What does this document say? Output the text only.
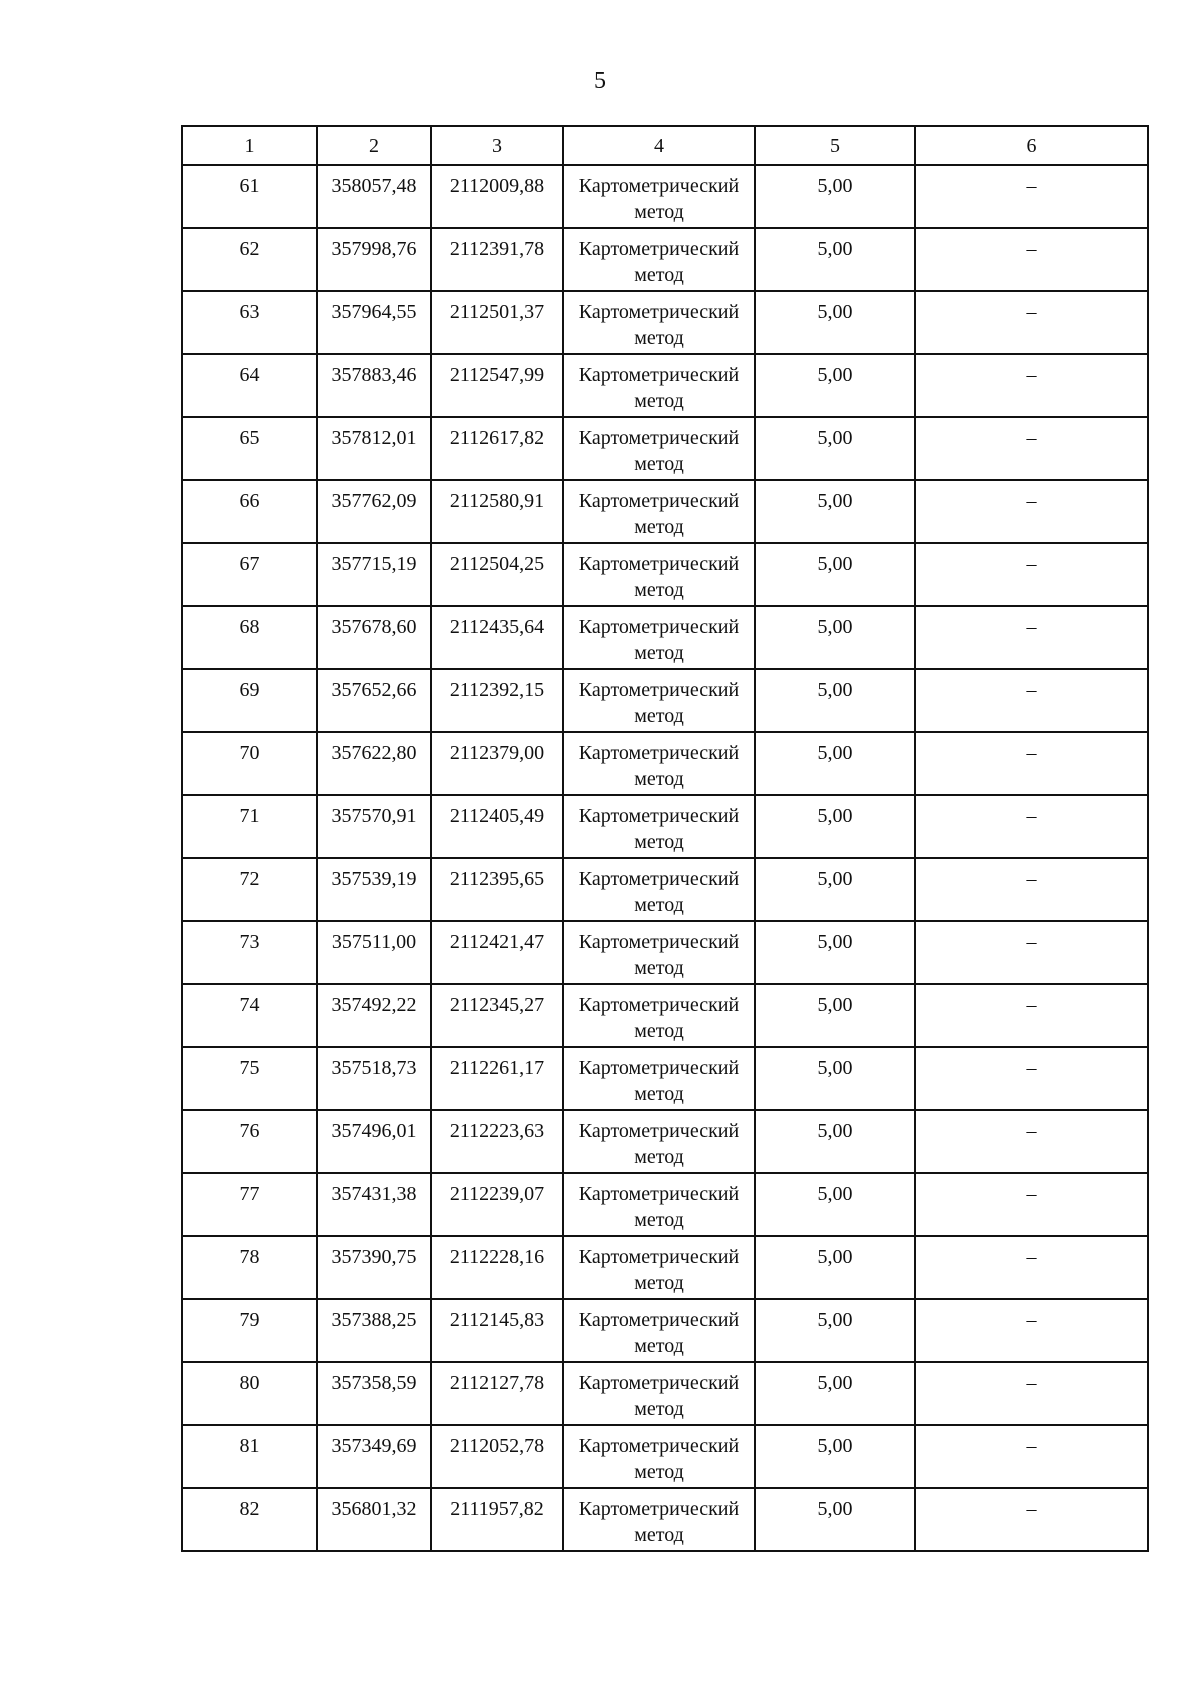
5
1	2	3	4	5	6
61	358057,48	2112009,88	Картометрический метод	5,00	–
62	357998,76	2112391,78	Картометрический метод	5,00	–
63	357964,55	2112501,37	Картометрический метод	5,00	–
64	357883,46	2112547,99	Картометрический метод	5,00	–
65	357812,01	2112617,82	Картометрический метод	5,00	–
66	357762,09	2112580,91	Картометрический метод	5,00	–
67	357715,19	2112504,25	Картометрический метод	5,00	–
68	357678,60	2112435,64	Картометрический метод	5,00	–
69	357652,66	2112392,15	Картометрический метод	5,00	–
70	357622,80	2112379,00	Картометрический метод	5,00	–
71	357570,91	2112405,49	Картометрический метод	5,00	–
72	357539,19	2112395,65	Картометрический метод	5,00	–
73	357511,00	2112421,47	Картометрический метод	5,00	–
74	357492,22	2112345,27	Картометрический метод	5,00	–
75	357518,73	2112261,17	Картометрический метод	5,00	–
76	357496,01	2112223,63	Картометрический метод	5,00	–
77	357431,38	2112239,07	Картометрический метод	5,00	–
78	357390,75	2112228,16	Картометрический метод	5,00	–
79	357388,25	2112145,83	Картометрический метод	5,00	–
80	357358,59	2112127,78	Картометрический метод	5,00	–
81	357349,69	2112052,78	Картометрический метод	5,00	–
82	356801,32	2111957,82	Картометрический метод	5,00	–
